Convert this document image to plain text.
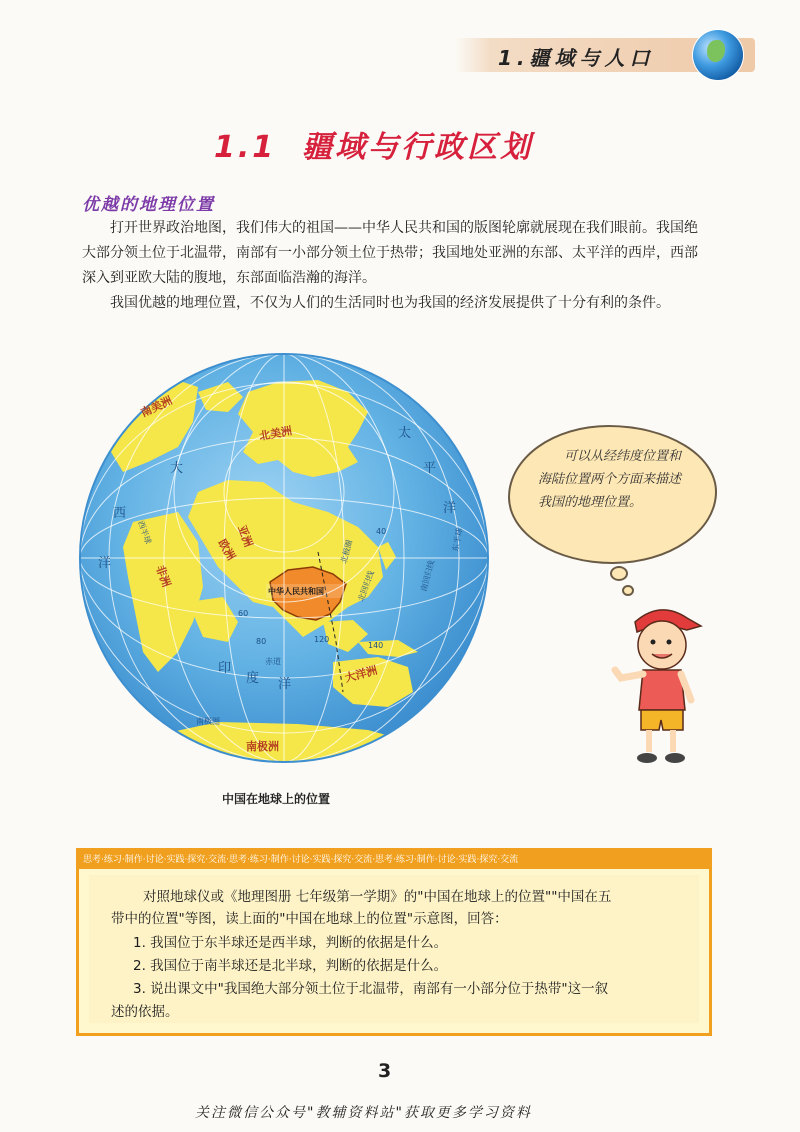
1.疆域与人口
1.1 疆域与行政区划
优越的地理位置

打开世界政治地图，我们伟大的祖国——中华人民共和国的版图轮廓就展现在我们眼前。我国绝大部分领土位于北温带，南部有一小部分领土位于热带；我国地处亚洲的东部、太平洋的西岸，西部深入到亚欧大陆的腹地，东部面临浩瀚的海洋。

我国优越的地理位置，不仅为人们的生活同时也为我国的经济发展提供了十分有利的条件。

南美洲
北美洲
欧洲
亚洲
非洲
大洋洲
南极洲
中华人民共和国
太
平
洋
大
西
洋
印
度 洋
赤道
北回归线
东半球
南回归线
北极圈
西半球
南极圈
40
60
80	120
140
中国在地球上的位置
可以从经纬度位置和海陆位置两个方面来描述我国的地理位置。
思考·练习·制作·讨论·实践·探究·交流·思考·练习·制作·讨论·实践·探究·交流·思考·练习·制作·讨论·实践·探究·交流
对照地球仪或《地理图册 七年级第一学期》的"中国在地球上的位置""中国在五
带中的位置"等图，读上面的"中国在地球上的位置"示意图，回答：
1. 我国位于东半球还是西半球，判断的依据是什么。
2. 我国位于南半球还是北半球，判断的依据是什么。
3. 说出课文中"我国绝大部分领土位于北温带，南部有一小部分位于热带"这一叙
述的依据。
3
关注微信公众号"教辅资料站"获取更多学习资料
